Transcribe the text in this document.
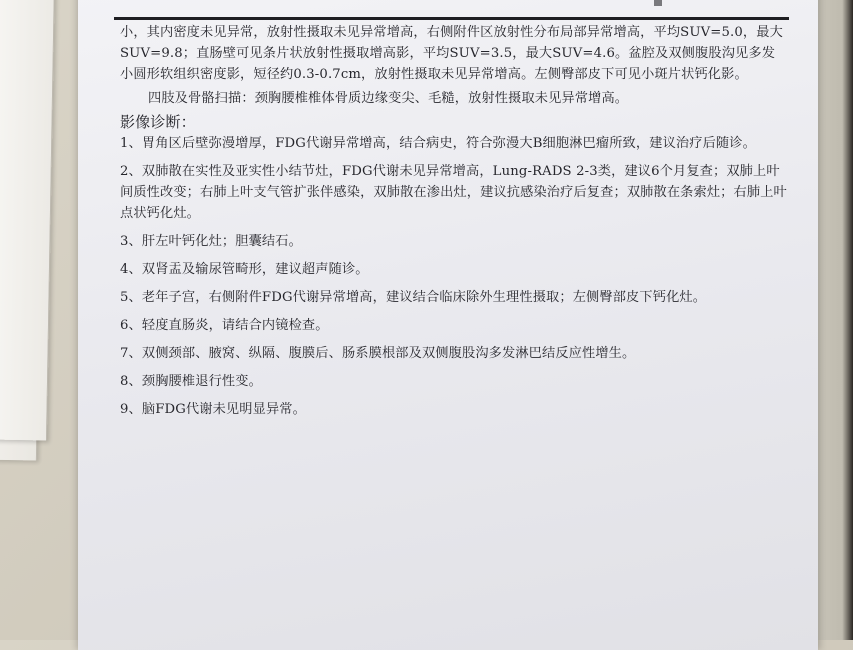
小，其内密度未见异常，放射性摄取未见异常增高，右侧附件区放射性分布局部异常增高，平均SUV=5.0，最大SUV=9.8；直肠壁可见条片状放射性摄取增高影，平均SUV=3.5，最大SUV=4.6。盆腔及双侧腹股沟见多发小圆形软组织密度影，短径约0.3-0.7cm，放射性摄取未见异常增高。左侧臀部皮下可见小斑片状钙化影。

四肢及骨骼扫描：颈胸腰椎椎体骨质边缘变尖、毛糙，放射性摄取未见异常增高。

影像诊断：

1、胃角区后壁弥漫增厚，FDG代谢异常增高，结合病史，符合弥漫大B细胞淋巴瘤所致，建议治疗后随诊。

2、双肺散在实性及亚实性小结节灶，FDG代谢未见异常增高，Lung-RADS 2-3类，建议6个月复查；双肺上叶间质性改变；右肺上叶支气管扩张伴感染，双肺散在渗出灶，建议抗感染治疗后复查；双肺散在条索灶；右肺上叶点状钙化灶。

3、肝左叶钙化灶；胆囊结石。

4、双肾盂及输尿管畸形，建议超声随诊。

5、老年子宫，右侧附件FDG代谢异常增高，建议结合临床除外生理性摄取；左侧臀部皮下钙化灶。

6、轻度直肠炎，请结合内镜检查。

7、双侧颈部、腋窝、纵隔、腹膜后、肠系膜根部及双侧腹股沟多发淋巴结反应性增生。

8、颈胸腰椎退行性变。

9、脑FDG代谢未见明显异常。
